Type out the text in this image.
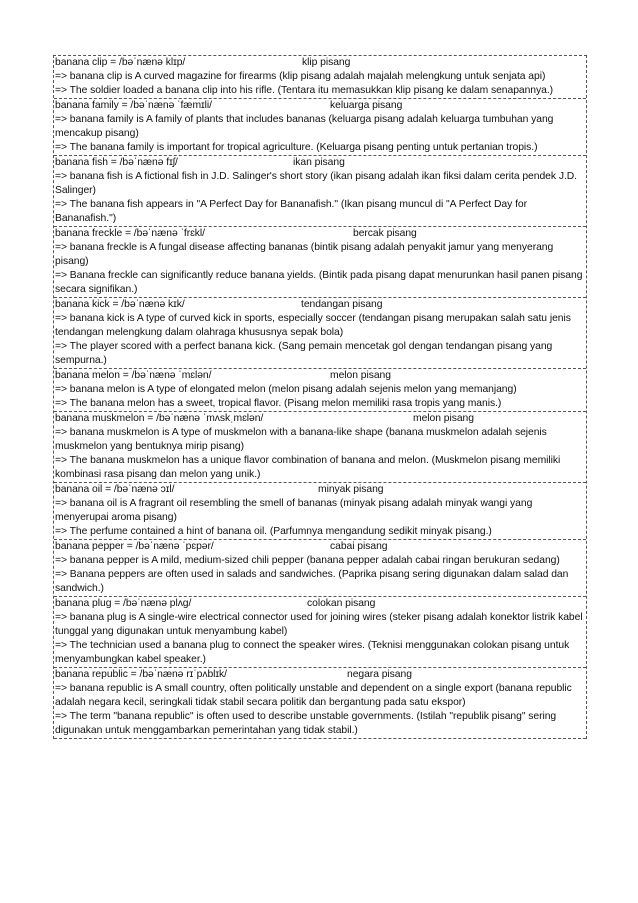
banana clip = /bəˈnænə klɪp/	klip pisang

=> banana clip is A curved magazine for firearms (klip pisang adalah majalah melengkung untuk senjata api)

=> The soldier loaded a banana clip into his rifle. (Tentara itu memasukkan klip pisang ke dalam senapannya.)

banana family = /bəˈnænə ˈfæmɪli/	keluarga pisang

=> banana family is A family of plants that includes bananas (keluarga pisang adalah keluarga tumbuhan yang mencakup pisang)

=> The banana family is important for tropical agriculture. (Keluarga pisang penting untuk pertanian tropis.)

banana fish = /bəˈnænə fɪʃ/	ikan pisang

=> banana fish is A fictional fish in J.D. Salinger's short story (ikan pisang adalah ikan fiksi dalam cerita pendek J.D. Salinger)

=> The banana fish appears in "A Perfect Day for Bananafish." (Ikan pisang muncul di "A Perfect Day for Bananafish.")

banana freckle = /bəˈnænə ˈfrɛkl/	bercak pisang

=> banana freckle is A fungal disease affecting bananas (bintik pisang adalah penyakit jamur yang menyerang pisang)

=> Banana freckle can significantly reduce banana yields. (Bintik pada pisang dapat menurunkan hasil panen pisang secara signifikan.)

banana kick = /bəˈnænə kɪk/	tendangan pisang

=> banana kick is A type of curved kick in sports, especially soccer (tendangan pisang merupakan salah satu jenis tendangan melengkung dalam olahraga khususnya sepak bola)

=> The player scored with a perfect banana kick. (Sang pemain mencetak gol dengan tendangan pisang yang sempurna.)

banana melon = /bəˈnænə ˈmɛlən/	melon pisang

=> banana melon is A type of elongated melon (melon pisang adalah sejenis melon yang memanjang)

=> The banana melon has a sweet, tropical flavor. (Pisang melon memiliki rasa tropis yang manis.)

banana muskmelon = /bəˈnænə ˈmʌskˌmɛlən/	melon pisang

=> banana muskmelon is A type of muskmelon with a banana-like shape (banana muskmelon adalah sejenis muskmelon yang bentuknya mirip pisang)

=> The banana muskmelon has a unique flavor combination of banana and melon. (Muskmelon pisang memiliki kombinasi rasa pisang dan melon yang unik.)

banana oil = /bəˈnænə ɔɪl/	minyak pisang

=> banana oil is A fragrant oil resembling the smell of bananas (minyak pisang adalah minyak wangi yang menyerupai aroma pisang)

=> The perfume contained a hint of banana oil. (Parfumnya mengandung sedikit minyak pisang.)

banana pepper = /bəˈnænə ˈpɛpər/	cabai pisang

=> banana pepper is A mild, medium-sized chili pepper (banana pepper adalah cabai ringan berukuran sedang)

=> Banana peppers are often used in salads and sandwiches. (Paprika pisang sering digunakan dalam salad dan sandwich.)

banana plug = /bəˈnænə plʌg/	colokan pisang

=> banana plug is A single-wire electrical connector used for joining wires (steker pisang adalah konektor listrik kabel tunggal yang digunakan untuk menyambung kabel)

=> The technician used a banana plug to connect the speaker wires. (Teknisi menggunakan colokan pisang untuk menyambungkan kabel speaker.)

banana republic = /bəˈnænə rɪˈpʌblɪk/	negara pisang

=> banana republic is A small country, often politically unstable and dependent on a single export (banana republic adalah negara kecil, seringkali tidak stabil secara politik dan bergantung pada satu ekspor)

=> The term "banana republic" is often used to describe unstable governments. (Istilah "republik pisang" sering digunakan untuk menggambarkan pemerintahan yang tidak stabil.)
